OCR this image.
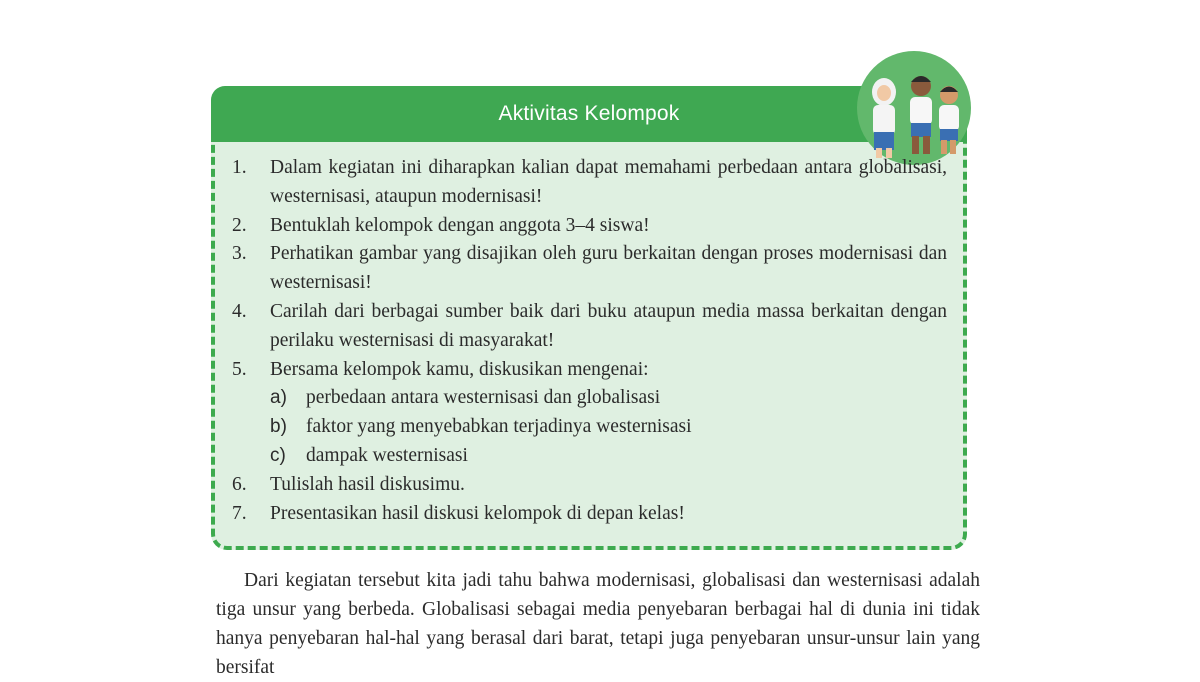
Aktivitas Kelompok
1.	Dalam kegiatan ini diharapkan kalian dapat memahami perbedaan antara globalisasi, westernisasi, ataupun modernisasi!
2.	Bentuklah kelompok dengan anggota 3–4 siswa!
3.	Perhatikan gambar yang disajikan oleh guru berkaitan dengan proses modernisasi dan westernisasi!
4.	Carilah dari berbagai sumber baik dari buku ataupun media massa berkaitan dengan perilaku westernisasi di masyarakat!
5.	Bersama kelompok kamu, diskusikan mengenai:
a) perbedaan antara westernisasi dan globalisasi
b) faktor yang menyebabkan terjadinya westernisasi
c)	dampak westernisasi
6.	Tulislah hasil diskusimu.
7.	Presentasikan hasil diskusi kelompok di depan kelas!
Dari kegiatan tersebut kita jadi tahu bahwa modernisasi, globalisasi dan westernisasi adalah tiga unsur yang berbeda. Globalisasi sebagai media penyebaran berbagai hal di dunia ini tidak hanya penyebaran hal-hal yang berasal dari barat, tetapi juga penyebaran unsur-unsur lain yang bersifat
